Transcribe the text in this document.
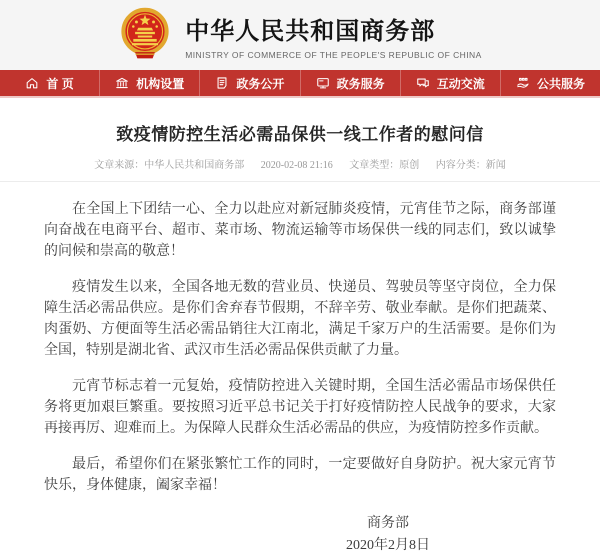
中华人民共和国商务部
MINISTRY OF COMMERCE OF THE PEOPLE'S REPUBLIC OF CHINA
首 页	机构设置	政务公开	政务服务	互动交流	公共服务
致疫情防控生活必需品保供一线工作者的慰问信
文章来源：中华人民共和国商务部 2020-02-08 21:16 文章类型：原创 内容分类：新闻

在全国上下团结一心、全力以赴应对新冠肺炎疫情，元宵佳节之际，商务部谨向奋战在电商平台、超市、菜市场、物流运输等市场保供一线的同志们，致以诚挚的问候和崇高的敬意！

疫情发生以来，全国各地无数的营业员、快递员、驾驶员等坚守岗位，全力保障生活必需品供应。是你们舍弃春节假期，不辞辛劳、敬业奉献。是你们把蔬菜、肉蛋奶、方便面等生活必需品销往大江南北，满足千家万户的生活需要。是你们为全国，特别是湖北省、武汉市生活必需品保供贡献了力量。

元宵节标志着一元复始，疫情防控进入关键时期，全国生活必需品市场保供任务将更加艰巨繁重。要按照习近平总书记关于打好疫情防控人民战争的要求，大家再接再厉、迎难而上。为保障人民群众生活必需品的供应，为疫情防控多作贡献。

最后，希望你们在紧张繁忙工作的同时，一定要做好自身防护。祝大家元宵节快乐，身体健康，阖家幸福！

商务部
2020年2月8日
